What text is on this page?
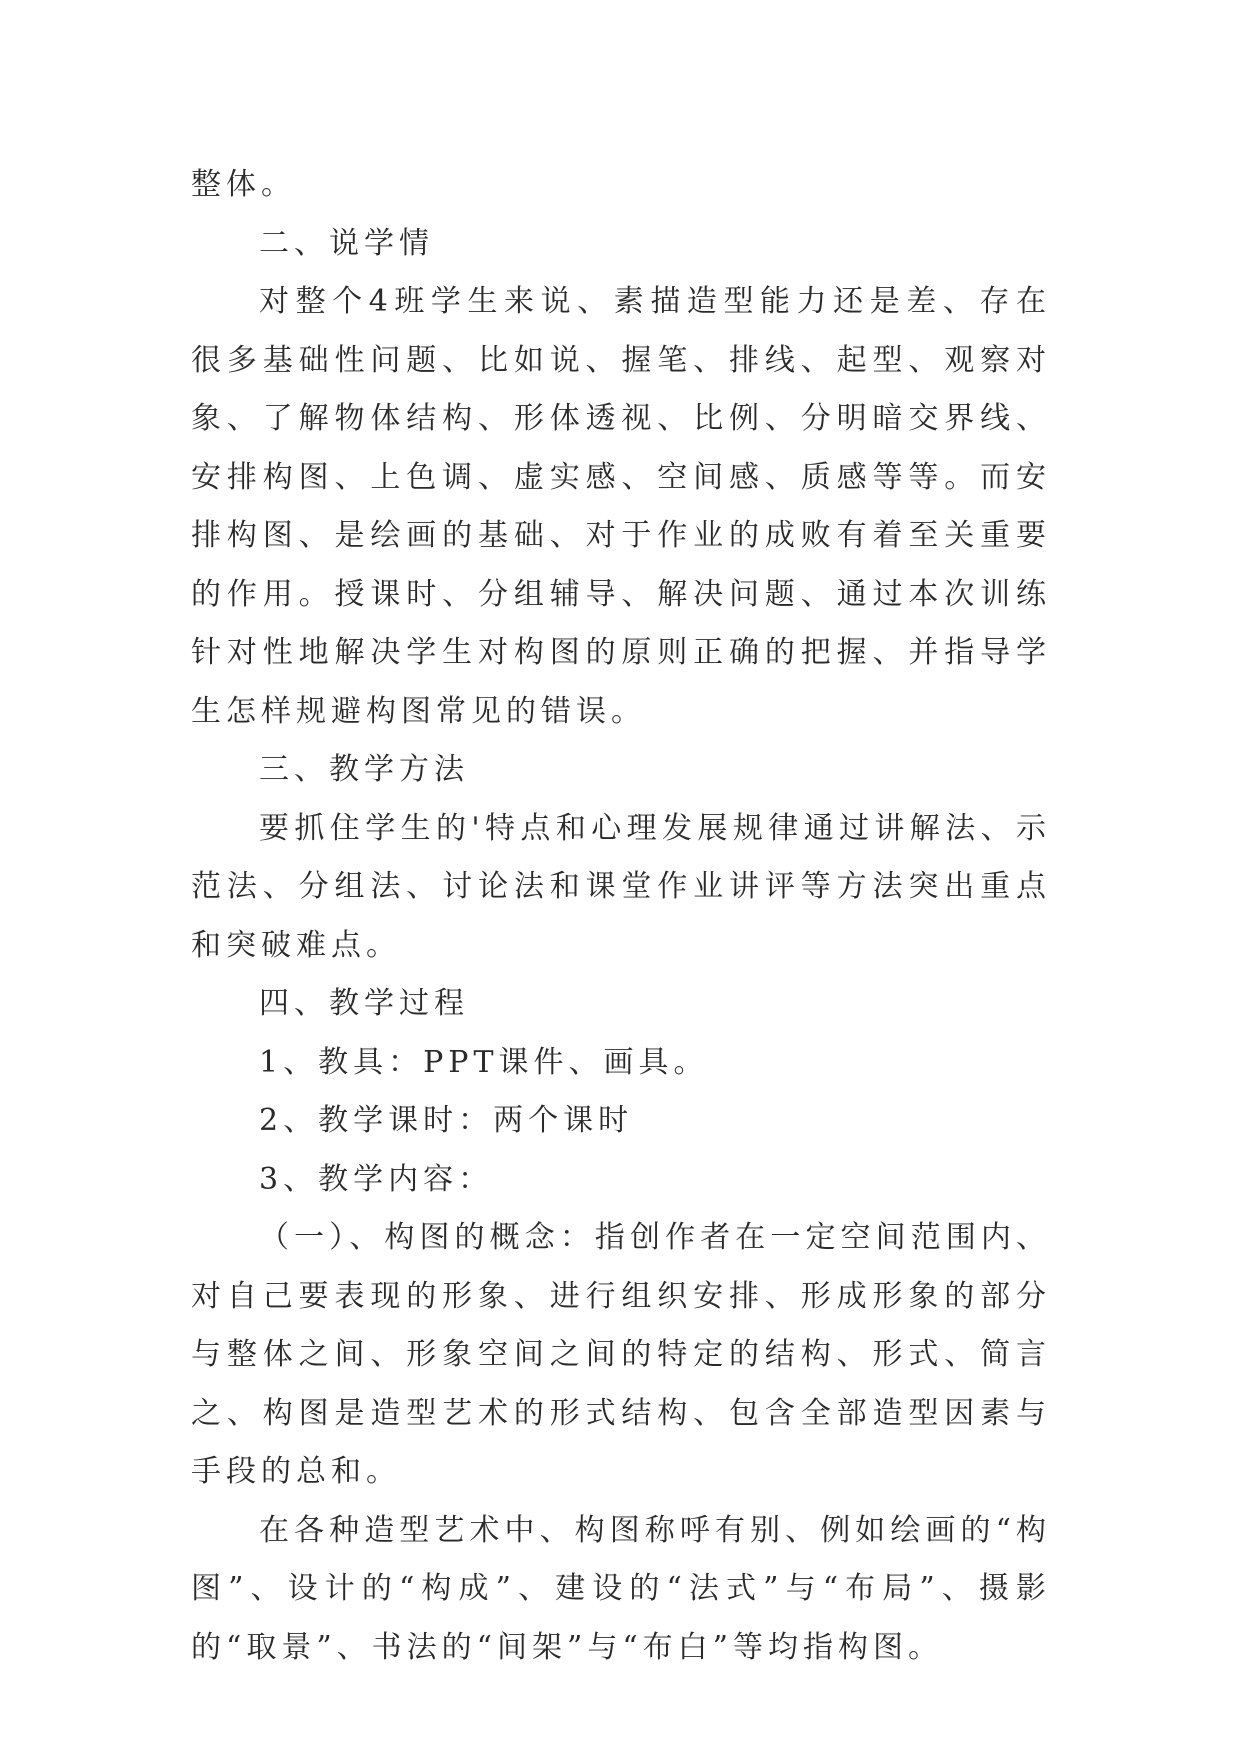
整体。

二、说学情

对整个4班学生来说、素描造型能力还是差、存在很多基础性问题、比如说、握笔、排线、起型、观察对象、了解物体结构、形体透视、比例、分明暗交界线、安排构图、上色调、虚实感、空间感、质感等等。而安排构图、是绘画的基础、对于作业的成败有着至关重要的作用。授课时、分组辅导、解决问题、通过本次训练针对性地解决学生对构图的原则正确的把握、并指导学生怎样规避构图常见的错误。

三、教学方法

要抓住学生的'特点和心理发展规律通过讲解法、示范法、分组法、讨论法和课堂作业讲评等方法突出重点和突破难点。

四、教学过程

1、教具：PPT课件、画具。

2、教学课时：两个课时

3、教学内容：

（一）、构图的概念：指创作者在一定空间范围内、对自己要表现的形象、进行组织安排、形成形象的部分与整体之间、形象空间之间的特定的结构、形式、简言之、构图是造型艺术的形式结构、包含全部造型因素与手段的总和。

在各种造型艺术中、构图称呼有别、例如绘画的“构图”、设计的“构成”、建设的“法式”与“布局”、摄影的“取景”、书法的“间架”与“布白”等均指构图。
